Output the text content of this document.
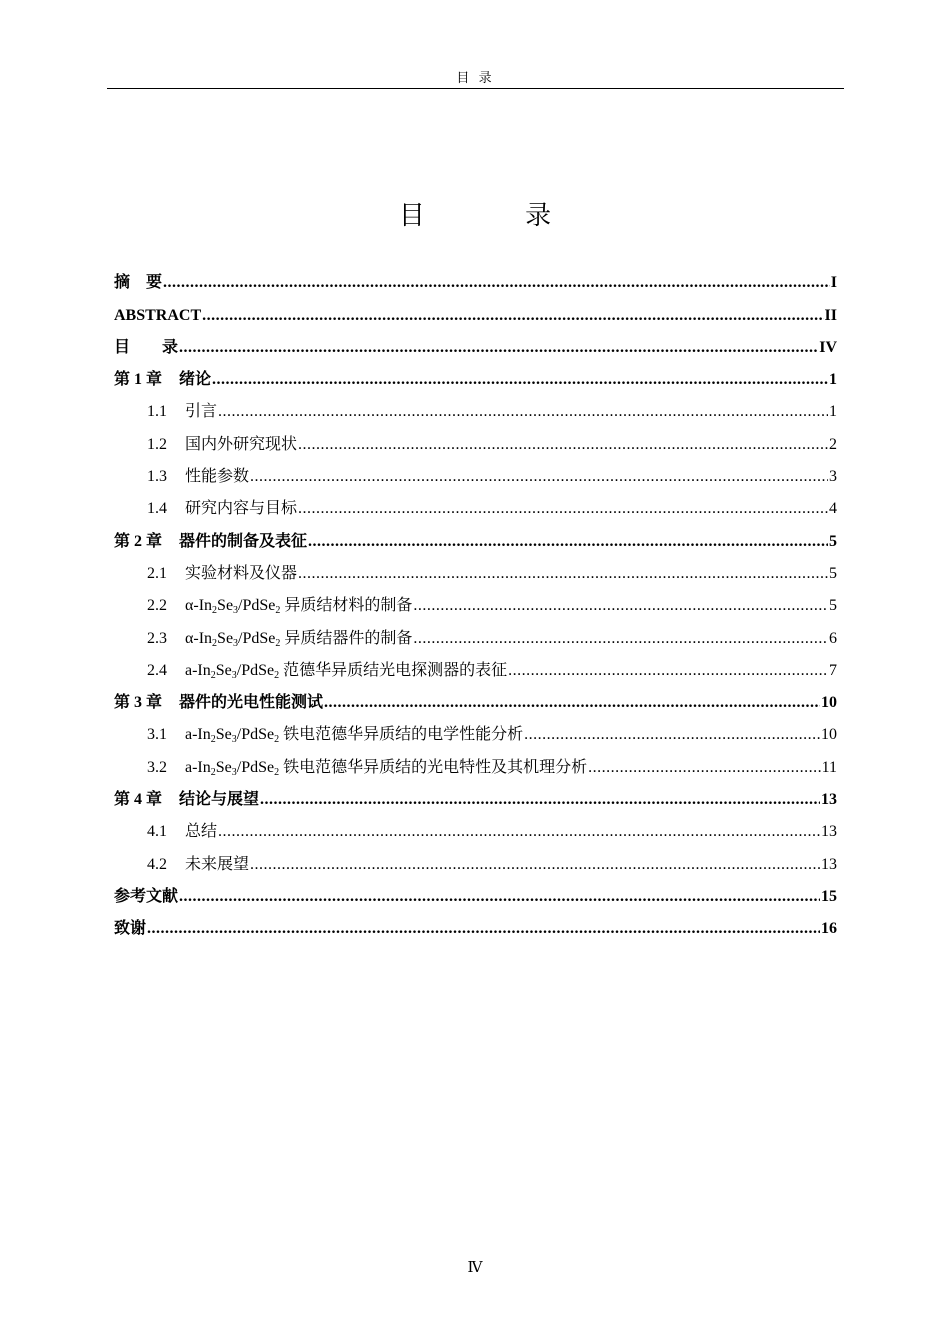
目 录
目 录
摘　要 .....	I
ABSTRACT .....	II
目　　录 .....	IV
第 1 章	绪论 .....	1
1.1	引言 .....	1
1.2	国内外研究现状 .....	2
1.3	性能参数 .....	3
1.4	研究内容与目标 .....	4
第 2 章	器件的制备及表征 .....	5
2.1	实验材料及仪器 .....	5
2.2	$\alpha-In_2Se_3/PdSe_2$ 异质结材料的制备 .....	5
2.3	$\alpha-In_2Se_3/PdSe_2$ 异质结器件的制备 .....	6
2.4	$a-In_2Se_3/PdSe_2$ 范德华异质结光电探测器的表征 .....	7
第 3 章	器件的光电性能测试 .....	10
3.1	$a-In_2Se_3/PdSe_2$ 铁电范德华异质结的电学性能分析 .....	10
3.2	$a-In_2Se_3/PdSe_2$ 铁电范德华异质结的光电特性及其机理分析 .....	11
第 4 章	结论与展望 .....	13
4.1	总结 .....	13
4.2	未来展望 .....	13
参考文献 .....	15
致谢 .....	16
Ⅳ
